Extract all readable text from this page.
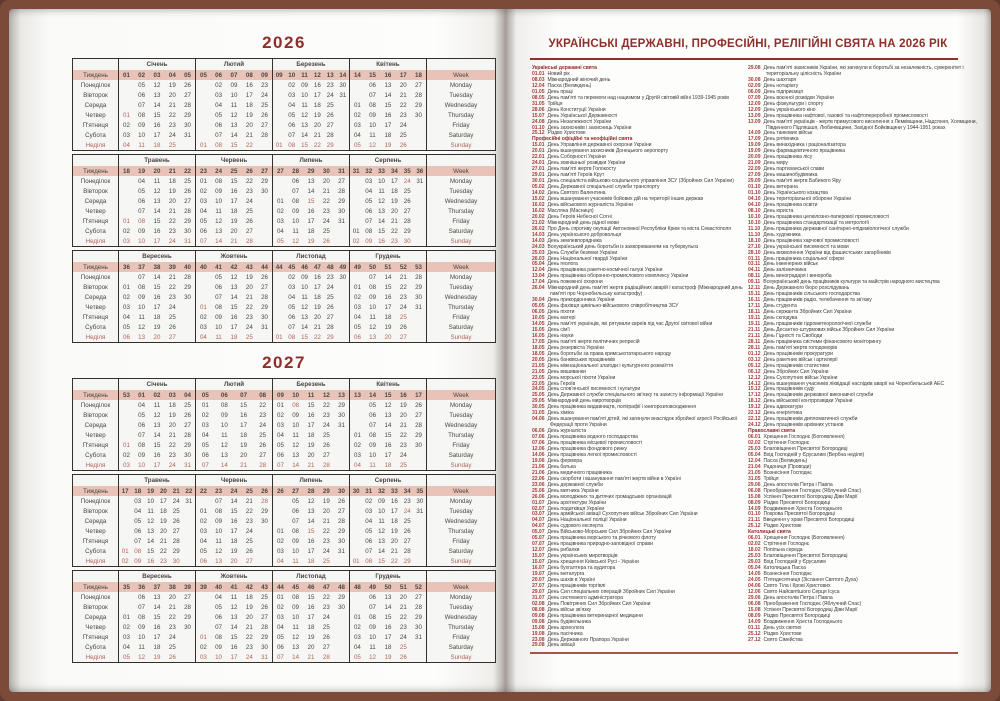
2026
	Січень					Лютий					Березень						Квітень					
Тиждень	01	02	03	04	05	05	06	07	08	09	09	10	11	12	13	14	14	15	16	17	18	Week
Понеділок		05	12	19	26		02	09	16	23		02	09	16	23	30		06	13	20	27	Monday
Вівторок		06	13	20	27		03	10	17	24		03	10	17	24	31		07	14	21	28	Tuesday
Середа		07	14	21	28		04	11	18	25		04	11	18	25		01	08	15	22	29	Wednesday
Четвер	01	08	15	22	29		05	12	19	26		05	12	19	26		02	09	16	23	30	Thursday
П'ятниця	02	09	16	23	30		06	13	20	27		06	13	20	27		03	10	17	24		Friday
Субота	03	10	17	24	31		07	14	21	28		07	14	21	28		04	11	18	25		Saturday
Неділя	04	11	18	25		01	08	15	22		01	08	15	22	29		05	12	19	26		Sunday
	Травень					Червень					Липень					Серпень						
Тиждень	18	19	20	21	22	23	24	25	26	27	27	28	29	30	31	31	32	33	34	35	36	Week
Понеділок		04	11	18	25	01	08	15	22	29		06	13	20	27		03	10	17	24	31	Monday
Вівторок		05	12	19	26	02	09	16	23	30		07	14	21	28		04	11	18	25		Tuesday
Середа		06	13	20	27	03	10	17	24		01	08	15	22	29		05	12	19	26		Wednesday
Четвер		07	14	21	28	04	11	18	25		02	09	16	23	30		06	13	20	27		Thursday
П'ятниця	01	08	15	22	29	05	12	19	26		03	10	17	24	31		07	14	21	28		Friday
Субота	02	09	16	23	30	06	13	20	27		04	11	18	25		01	08	15	22	29		Saturday
Неділя	03	10	17	24	31	07	14	21	28		05	12	19	26		02	09	16	23	30		Sunday
	Вересень					Жовтень					Листопад						Грудень					
Тиждень	36	37	38	39	40	40	41	42	43	44	44	45	46	47	48	49	49	50	51	52	53	Week
Понеділок		07	14	21	28		05	12	19	26		02	09	16	23	30		07	14	21	28	Monday
Вівторок	01	08	15	22	29		06	13	20	27		03	10	17	24		01	08	15	22	29	Tuesday
Середа	02	09	16	23	30		07	14	21	28		04	11	18	25		02	09	16	23	30	Wednesday
Четвер	03	10	17	24		01	08	15	22	29		05	12	19	26		03	10	17	24	31	Thursday
П'ятниця	04	11	18	25		02	09	16	23	30		06	13	20	27		04	11	18	25		Friday
Субота	05	12	19	26		03	10	17	24	31		07	14	21	28		05	12	19	26		Saturday
Неділя	06	13	20	27		04	11	18	25		01	08	15	22	29		06	13	20	27		Sunday
2027
	Січень					Лютий				Березень					Квітень					
Тиждень	53	01	02	03	04	05	06	07	08	09	10	11	12	13	13	14	15	16	17	Week
Понеділок		04	11	18	25	01	08	15	22	01	08	15	22	29		05	12	19	26	Monday
Вівторок		05	12	19	26	02	09	16	23	02	09	16	23	30		06	13	20	27	Tuesday
Середа		06	13	20	27	03	10	17	24	03	10	17	24	31		07	14	21	28	Wednesday
Четвер		07	14	21	28	04	11	18	25	04	11	18	25		01	08	15	22	29	Thursday
П'ятниця	01	08	15	22	29	05	12	19	26	05	12	19	26		02	09	16	23	30	Friday
Субота	02	09	16	23	30	06	13	20	27	06	13	20	27		03	10	17	24		Saturday
Неділя	03	10	17	24	31	07	14	21	28	07	14	21	28		04	11	18	25		Sunday
	Травень						Червень					Липень					Серпень						
Тиждень	17	18	19	20	21	22	22	23	24	25	26	26	27	28	29	30	30	31	32	33	34	35	Week
Понеділок		03	10	17	24	31		07	14	21	28		05	12	19	26		02	09	16	23	30	Monday
Вівторок		04	11	18	25		01	08	15	22	29		06	13	20	27		03	10	17	24	31	Tuesday
Середа		05	12	19	26		02	09	16	23	30		07	14	21	28		04	11	18	25		Wednesday
Четвер		06	13	20	27		03	10	17	24		01	08	15	22	29		05	12	19	26		Thursday
П'ятниця		07	14	21	28		04	11	18	25		02	09	16	23	30		06	13	20	27		Friday
Субота	01	08	15	22	29		05	12	19	26		03	10	17	24	31		07	14	21	28		Saturday
Неділя	02	09	16	23	30		06	13	20	27		04	11	18	25		01	08	15	22	29		Sunday
	Вересень					Жовтень					Листопад					Грудень					
Тиждень	35	36	37	38	39	39	40	41	42	43	44	45	46	47	48	48	49	50	51	52	Week
Понеділок		06	13	20	27		04	11	18	25	01	08	15	22	29		06	13	20	27	Monday
Вівторок		07	14	21	28		05	12	19	26	02	09	16	23	30		07	14	21	28	Tuesday
Середа	01	08	15	22	29		06	13	20	27	03	10	17	24		01	08	15	22	29	Wednesday
Четвер	02	09	16	23	30		07	14	21	28	04	11	18	25		02	09	16	23	30	Thursday
П'ятниця	03	10	17	24		01	08	15	22	29	05	12	19	26		03	10	17	24	31	Friday
Субота	04	11	18	25		02	09	16	23	30	06	13	20	27		04	11	18	25		Saturday
Неділя	05	12	19	26		03	10	17	24	31	07	14	21	28		05	12	19	26		Sunday
УКРАЇНСЬКІ ДЕРЖАВНІ, ПРОФЕСІЙНІ, РЕЛІГІЙНІ СВЯТА НА 2026 РІК
Українські державні свята
01.01 Новий рік
08.03 Міжнародний жіночий день
12.04 Пасха (Великдень)
01.05 День праці
08.05 День пам'яті та перемоги над нацизмом у Другій світовій війні 1939-1945 років
31.05 Трійця
28.06 День Конституції України
15.07 День Української Державності
24.08 День Незалежності України
01.10 День захисників і захисниць України
25.12 Різдво Христове
Професійні офіційні та неофіційні свята
15.01 День Управління державної охорони України
20.01 День вшанування захисників Донецького аеропорту
22.01 День Соборності України
24.01 День зовнішньої розвідки України
27.01 День пам'яті жертв Голокосту
29.01 День пам'яті Героїв Крут
30.01 День спеціаліста військово-соціального управління ЗСУ (Збройних Сил України)
05.02 День Державної спеціальної служби транспорту
14.02 День Святого Валентина
15.02 День вшанування учасників бойових дій на території інших держав
16.02 День військового журналіста України
16.02 Масляна (Масниця)
20.02 День Героїв Небесної Сотні
21.02 Міжнародний день рідної мови
26.02 Про День спротиву окупації Автономної Республіки Крим та міста Севастополя
14.03 День українського добровольця
14.03 День землевпорядника
24.03 Всеукраїнський день боротьби із захворюванням на туберкульоз
25.03 День Служби безпеки України
26.03 День Національної гвардії України
05.04 День геолога
12.04 День працівника ракетно-космічної галузі України
13.04 День працівника оборонно-промислового комплексу України
17.04 День пожежної охорони
26.04 Міжнародний день пам'яті жертв радіаційних аварій і катастроф (Міжнародний день пам'яті про Чорнобильську катастрофу)
30.04 День прикордонника України
05.05 День фахівця цивільно-військового співробітництва ЗСУ
06.05 День піхоти
10.05 День матері
14.05 День пам'яті українців, які рятували євреїв під час Другої світової війни
15.05 День сім'ї
16.05 День науки
17.05 День пам'яті жертв політичних репресій
18.05 День резервіста України
18.05 День боротьби за права кримськотатарського народу
20.05 День банківських працівників
21.05 День міжнаціональної злагоди і культурного розмаїття
21.05 День вишиванки
23.05 День морської піхоти України
23.05 День Героїв
24.05 День слов'янської писемності і культури
25.05 День Державної служби спеціального зв'язку та захисту інформації України
29.05 Міжнародний день миротворців
30.05 День працівника видавництв, поліграфії і книгорозповсюдження
31.05 День хіміка
04.06 День вшанування пам'яті дітей, які загинули внаслідок збройної агресії Російської Федерації проти України
06.06 День журналіста
07.06 День працівника водного господарства
07.06 День працівника місцевої промисловості
12.06 День працівника фондового ринку
14.06 День працівника легкої промисловості
19.06 День фермера
21.06 День батька
21.06 День медичного працівника
22.06 День скорботи і вшанування пам'яті жертв війни в Україні
23.06 День державної служби
25.06 День митника України
26.06 День молодіжних та дитячих громадських організацій
01.07 День архітектури України
02.07 День податківця України
03.07 День армійської авіації Сухопутних військ Збройних Сил України
04.07 День Національної поліції України
04.07 День судового експерта
05.07 День Військово-Морських Сил Збройних Сил України
05.07 День працівника морського та річкового флоту
07.07 День працівника природно-заповідної справи
12.07 День рибалки
15.07 День українських миротворців
15.07 День хрещення Київської Русі - України
16.07 День бухгалтера та аудитора
19.07 День металурга
20.07 День шахів в Україні
27.07 День працівників торгівлі
29.07 День Сил спеціальних операцій Збройних Сил України
31.07 День системного адміністратора
02.08 День Повітряних Сил Збройних Сил України
08.08 День військ зв'язку
09.08 День працівника ветеринарної медицини
09.08 День будівельника
15.08 День археолога
19.08 День пасічника
23.08 День Державного Прапора України
29.08 День авіації
29.08 День пам'яті захисників України, які загинули в боротьбі за незалежність, суверенітет і територіальну цілісність України
30.08 День шахтаря
02.09 День нотаріату
06.09 День підприємця
07.09 День воєнної розвідки України
12.09 День фізкультури і спорту
12.09 День українського кіно
13.09 День працівника нафтової, газової та нафтопереробної промисловості
13.09 День пам'яті українців - жертв примусового виселення з Лемківщини, Надсяння, Холмщини, Південного Підляшшя, Любачівщини, Західної Бойківщини у 1944-1951 роках
14.09 День танкових військ
17.09 День рятівника
19.09 День винахідника і раціоналізатора
19.09 День фармацевтичного працівника
20.09 День працівника лісу
21.09 День миру
22.09 День партизанської слави
27.09 День машинобудівника
29.09 День пам'яті жертв Бабиного Яру
01.10 День ветерана
01.10 День Українського козацтва
04.10 День територіальної оборони України
04.10 День працівника освіти
08.10 День юриста
10.10 День працівника целюлозно-паперової промисловості
10.10 День працівника стандартизації та метрології
11.10 День працівника державної санітарно-епідеміологічної служби
11.10 День художника
18.10 День працівника харчової промисловості
27.10 День української писемності та мови
28.10 День визволення України від фашистських загарбників
01.11 День працівника соціальної сфери
03.11 День інженерних військ
04.11 День залізничника
08.11 День виноградаря і винороба
09.11 Всеукраїнський день працівників культури та майстрів народного мистецтва
12.11 День Державного бюро розслідувань
15.11 День працівників сільського господарства
16.11 День працівників радіо, телебачення та зв'язку
17.11 День студента
18.11 День сержанта Збройних Сил України
19.11 День склодува
19.11 День працівників гідрометеорологічної служби
21.11 День Десантно-штурмових військ Збройних Сил України
21.11 День Гідності та Свободи
28.11 День працівника системи фінансового моніторингу
28.11 День пам'яті жертв голодоморів
01.12 День працівників прокуратури
03.12 День ракетних військ і артилерії
05.12 День працівників статистики
06.12 День Збройних Сил України
12.12 День Сухопутних військ України
14.12 День вшанування учасників ліквідації наслідків аварії на Чорнобильській АЕС
15.12 День працівників суду
17.12 День працівників державної виконавчої служби
18.12 День військової контррозвідки України
19.12 День адвокатури
22.12 День енергетика
22.12 День працівників дипломатичної служби
24.12 День працівників архівних установ
Православні свята
06.01 Хрещення Господнє (Богоявлення)
02.02 Стрітення Господнє
25.03 Благовіщення Пресвятої Богородиці
05.04 Вхід Господній у Єрусалим (Вербна неділя)
12.04 Пасха (Великдень)
21.04 Радониця (Проводи)
21.05 Вознесіння Господнє
31.05 Трійця
29.06 День апостолів Петра і Павла
06.08 Преображення Господнє (Яблучний Спас)
15.08 Успіння Пресвятої Богородиці Діви Марії
08.09 Різдво Пресвятої Богородиці
14.09 Воздвиження Хреста Господнього
01.10 Покрова Пресвятої Богородиці
21.11 Введення у храм Пресвятої Богородиці
25.12 Різдво Христове
Католицькі свята
06.01 Хрещення Господнє (Богоявлення)
02.02 Стрітення Господнє
18.02 Попільна середа
25.03 Благовіщення Пресвятої Богородиці
29.03 Вхід Господній у Єрусалим
05.04 Католицька Пасха
14.05 Вознесіння Господнє
24.05 П'ятидесятниця (Зіслання Святого Духа)
04.06 Свято Тіла і Крові Христових
12.06 Свято Найсвятішого Серця Ісуса
29.06 День апостолів Петра і Павла
06.08 Преображення Господнє (Яблучний Спас)
15.08 Успіння Пресвятої Богородиці Діви Марії
08.09 Різдво Пресвятої Богородиці
14.09 Воздвиження Хреста Господнього
01.11 День усіх святих
25.12 Різдво Христове
27.12 Свято Сімейства
